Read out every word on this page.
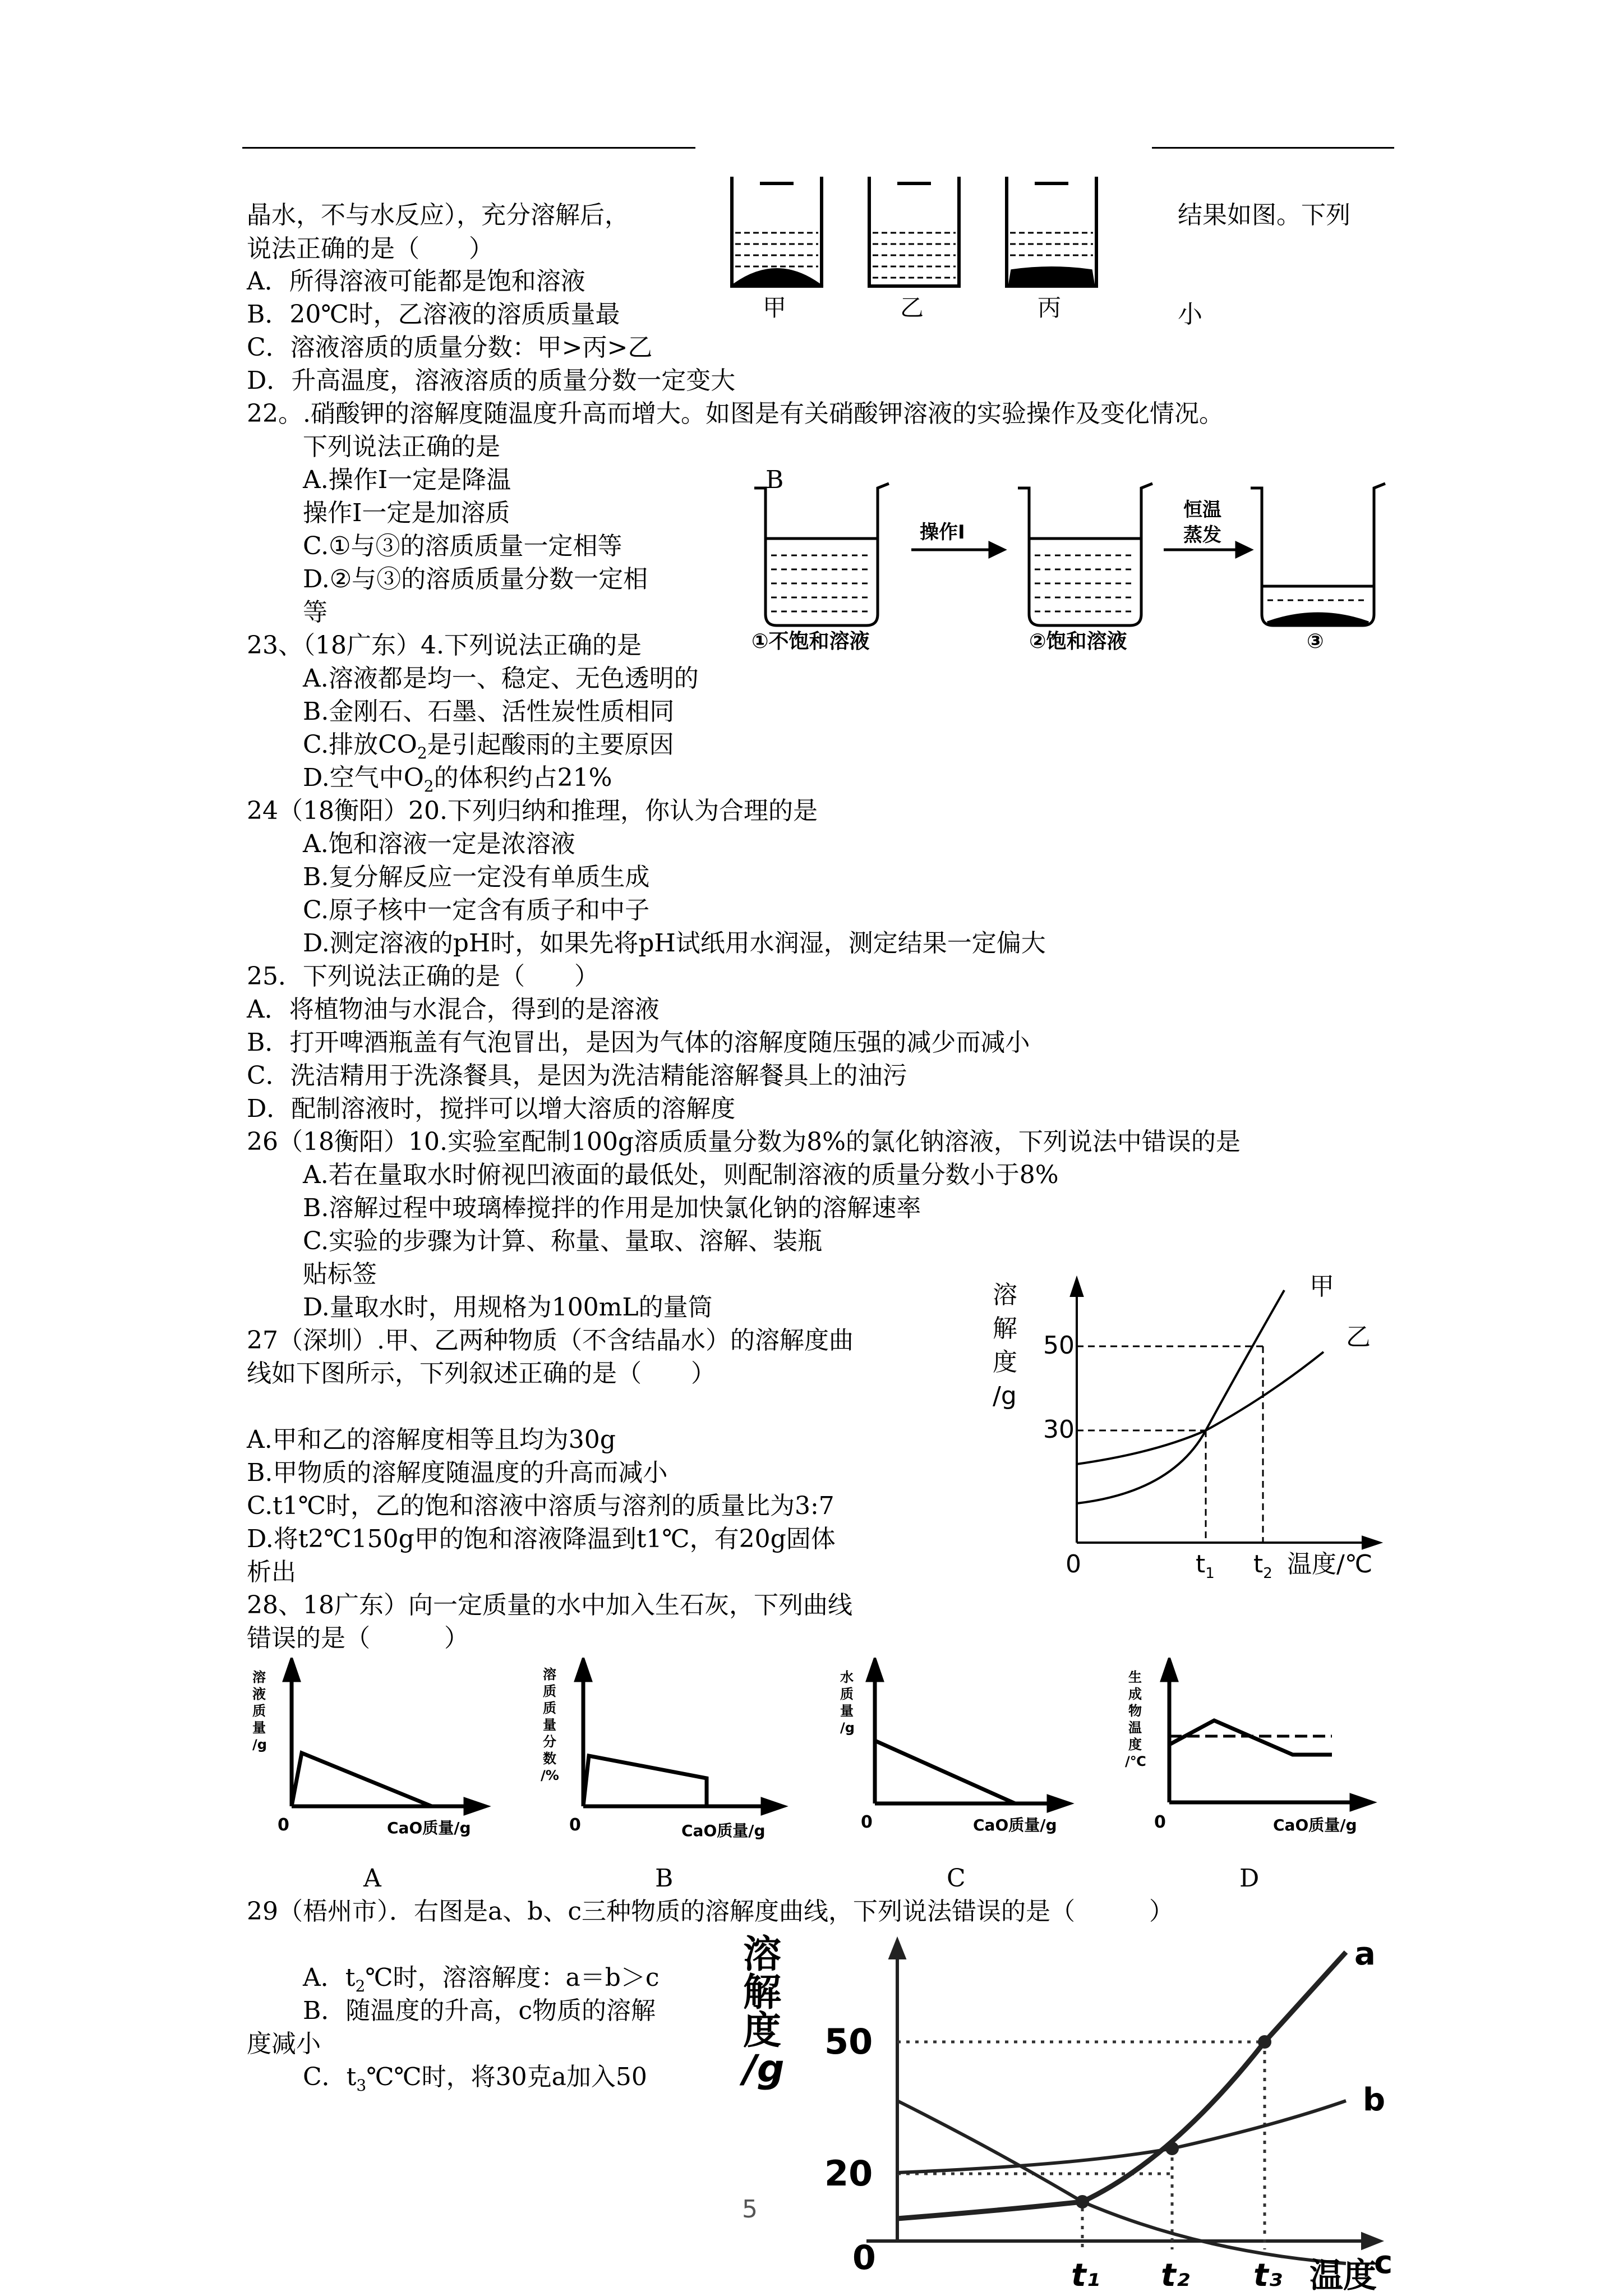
晶水，不与水反应），充分溶解后，	结果如图。下列
说法正确的是（　　）
A．所得溶液可能都是饱和溶液
B．20℃时，乙溶液的溶质质量最	小
C．溶液溶质的质量分数：甲>丙>乙
D．升高温度，溶液溶质的质量分数一定变大
甲	乙	丙
22。.硝酸钾的溶解度随温度升高而增大。如图是有关硝酸钾溶液的实验操作及变化情况。
下列说法正确的是
A.操作Ⅰ一定是降温	B
操作Ⅰ一定是加溶质
C.①与③的溶质质量一定相等
D.②与③的溶质质量分数一定相
等
操作Ⅰ
恒温
蒸发
①不饱和溶液	②饱和溶液	③
23、（18广东）4.下列说法正确的是
A.溶液都是均一、稳定、无色透明的
B.金刚石、石墨、活性炭性质相同
C.排放$CO_2$是引起酸雨的主要原因
D.空气中$O_2$的体积约占21%
24（18衡阳）20.下列归纳和推理，你认为合理的是
A.饱和溶液一定是浓溶液
B.复分解反应一定没有单质生成
C.原子核中一定含有质子和中子
D.测定溶液的pH时，如果先将pH试纸用水润湿，测定结果一定偏大
25．下列说法正确的是（　　）
A．将植物油与水混合，得到的是溶液
B．打开啤酒瓶盖有气泡冒出，是因为气体的溶解度随压强的减少而减小
C．洗洁精用于洗涤餐具，是因为洗洁精能溶解餐具上的油污
D．配制溶液时，搅拌可以增大溶质的溶解度
26（18衡阳）10.实验室配制100g溶质质量分数为8%的氯化钠溶液，下列说法中错误的是
A.若在量取水时俯视凹液面的最低处，则配制溶液的质量分数小于8%
B.溶解过程中玻璃棒搅拌的作用是加快氯化钠的溶解速率
C.实验的步骤为计算、称量、量取、溶解、装瓶
贴标签
D.量取水时，用规格为100mL的量筒
27（深圳）.甲、乙两种物质（不含结晶水）的溶解度曲
线如下图所示，下列叙述正确的是（　　）
A.甲和乙的溶解度相等且均为30g
B.甲物质的溶解度随温度的升高而减小
C.t1℃时，乙的饱和溶液中溶质与溶剂的质量比为3:7
D.将t2℃150g甲的饱和溶液降温到t1℃，有20g固体
析出
溶
解
度
/g
50
30
0	$t_1$ $t_2$ 温度/℃
甲
乙
28、18广东）向一定质量的水中加入生石灰，下列曲线
错误的是（　　　）
溶
液
质
量
/g
0	CaO质量/g
A
溶
质
质
量
分
数
/%
0	CaO质量/g
B
水
质
量
/g
0	CaO质量/g
C
生
成
物
温
度
/℃
0	CaO质量/g
D
29（梧州市）．右图是a、b、c三种物质的溶解度曲线，下列说法错误的是（　　　）
A．$t_2℃$时，溶溶解度：a＝b＞c
B．随温度的升高，c物质的溶解
度减小
C．$t_3℃℃$时，将30克a加入50
溶
解
度
/g
50
20
0
5
t₁ t₂ t₃ 温度
a
b
c
